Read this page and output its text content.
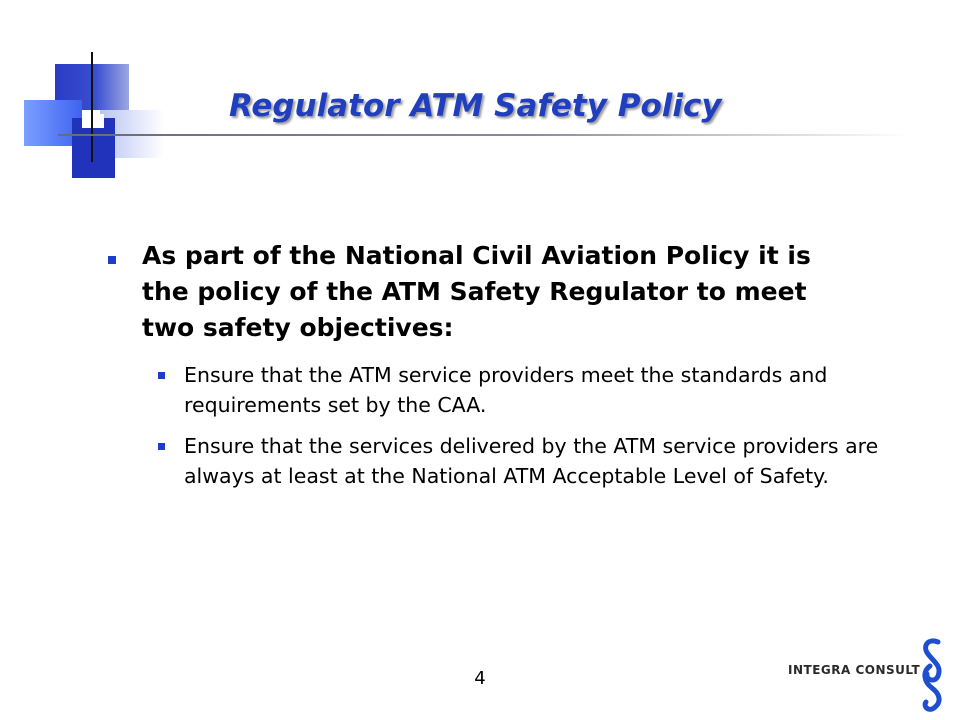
Regulator ATM Safety Policy

As part of the National Civil Aviation Policy it is the policy of the ATM Safety Regulator to meet two safety objectives:

Ensure that the ATM service providers meet the standards and requirements set by the CAA.

Ensure that the services delivered by the ATM service providers are always at least at the National ATM Acceptable Level of Safety.

4	INTEGRA CONSULT
